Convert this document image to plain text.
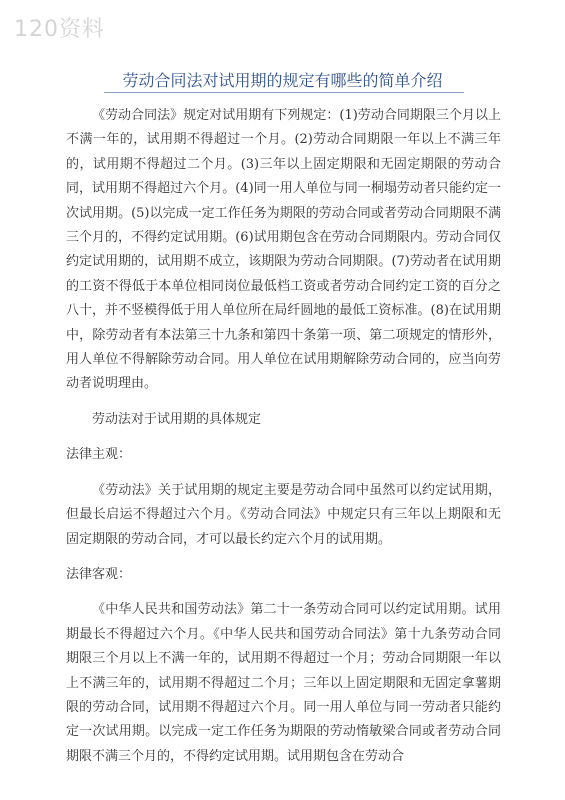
120资料
劳动合同法对试用期的规定有哪些的简单介绍

《劳动合同法》规定对试用期有下列规定：(1)劳动合同期限三个月以上不满一年的，试用期不得超过一个月。(2)劳动合同期限一年以上不满三年的，试用期不得超过二个月。(3)三年以上固定期限和无固定期限的劳动合同，试用期不得超过六个月。(4)同一用人单位与同一桐塌劳动者只能约定一次试用期。(5)以完成一定工作任务为期限的劳动合同或者劳动合同期限不满三个月的，不得约定试用期。(6)试用期包含在劳动合同期限内。劳动合同仅约定试用期的，试用期不成立，该期限为劳动合同期限。(7)劳动者在试用期的工资不得低于本单位相同岗位最低档工资或者劳动合同约定工资的百分之八十，并不竖模得低于用人单位所在局纤圆地的最低工资标准。(8)在试用期中，除劳动者有本法第三十九条和第四十条第一项、第二项规定的情形外，用人单位不得解除劳动合同。用人单位在试用期解除劳动合同的，应当向劳动者说明理由。

劳动法对于试用期的具体规定

法律主观：

《劳动法》关于试用期的规定主要是劳动合同中虽然可以约定试用期，但最长启运不得超过六个月。《劳动合同法》中规定只有三年以上期限和无固定期限的劳动合同，才可以最长约定六个月的试用期。

法律客观：

《中华人民共和国劳动法》第二十一条劳动合同可以约定试用期。试用期最长不得超过六个月。《中华人民共和国劳动合同法》第十九条劳动合同期限三个月以上不满一年的，试用期不得超过一个月；劳动合同期限一年以上不满三年的，试用期不得超过二个月；三年以上固定期限和无固定拿薯期限的劳动合同，试用期不得超过六个月。同一用人单位与同一劳动者只能约定一次试用期。以完成一定工作任务为期限的劳动惰敏梁合同或者劳动合同期限不满三个月的，不得约定试用期。试用期包含在劳动合
